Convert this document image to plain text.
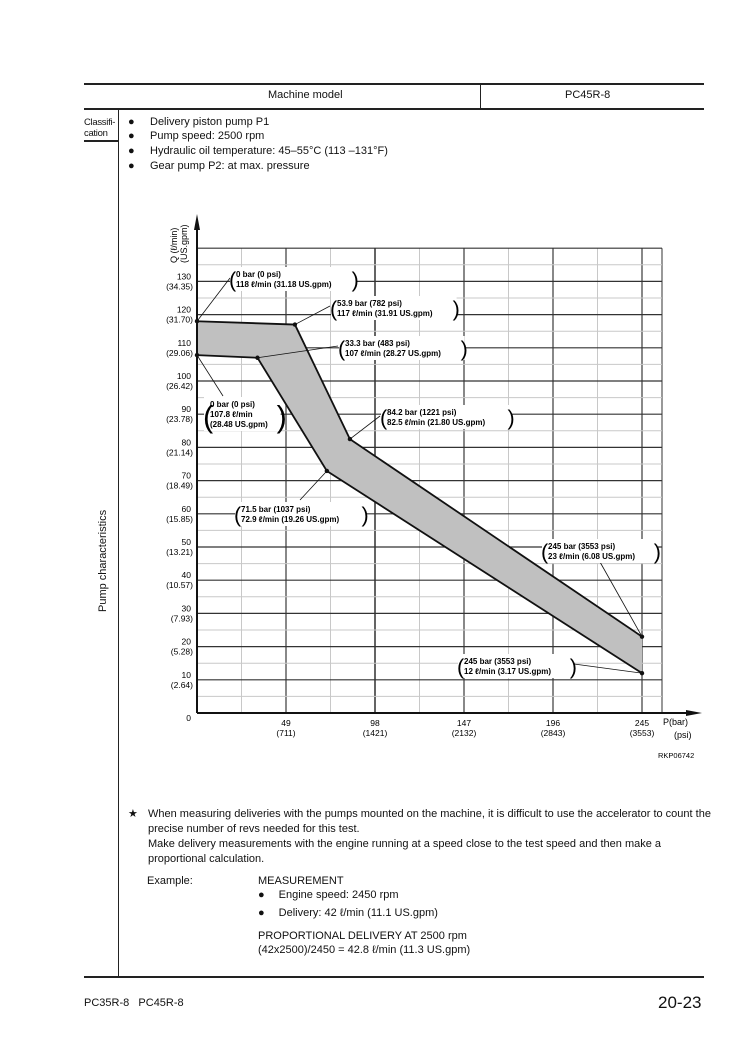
Machine model	PC45R-8
Classifi-
cation
● Delivery piston pump P1
● Pump speed: 2500 rpm
● Hydraulic oil temperature: 45–55°C (113 –131°F)
● Gear pump P2: at max. pressure
Pump characteristics
49
(711)
98
(1421)
147
(2132)
196
(2843)
245
(3553)
0
10
(2.64)
20
(5.28)
30
(7.93)
40
(10.57)
50
(13.21)
60
(15.85)
70
(18.49)
80
(21.14)
90
(23.78)
100
(26.42)
110
(29.06)
120
(31.70)
130
(34.35) (	)
0 bar (0 psi)
118 ℓ/min (31.18 US.gpm)
(	)
53.9 bar (782 psi)
117 ℓ/min (31.91 US.gpm)
(	)
33.3 bar (483 psi)
107 ℓ/min (28.27 US.gpm)
( )
0 bar (0 psi)
107.8 ℓ/min
(28.48 US.gpm)	(	)
84.2 bar (1221 psi)
82.5 ℓ/min (21.80 US.gpm)
(	)
71.5 bar (1037 psi)
72.9 ℓ/min (19.26 US.gpm)
(	)
245 bar (3553 psi)
23 ℓ/min (6.08 US.gpm)
(	)
245 bar (3553 psi)
12 ℓ/min (3.17 US.gpm)
Q (ℓ/min) (US.gpm)
P(bar)
(psi)
RKP06742
★ When measuring deliveries with the pumps mounted on the machine, it is difficult to use the accelerator to count the precise number of revs needed for this test.
Make delivery measurements with the engine running at a speed close to the test speed and then make a proportional calculation.
Example:	MEASUREMENT
● Engine speed: 2450 rpm
● Delivery: 42 ℓ/min (11.1 US.gpm)
PROPORTIONAL DELIVERY AT 2500 rpm
(42x2500)/2450 = 42.8 ℓ/min (11.3 US.gpm)
PC35R-8   PC45R-8	20-23
